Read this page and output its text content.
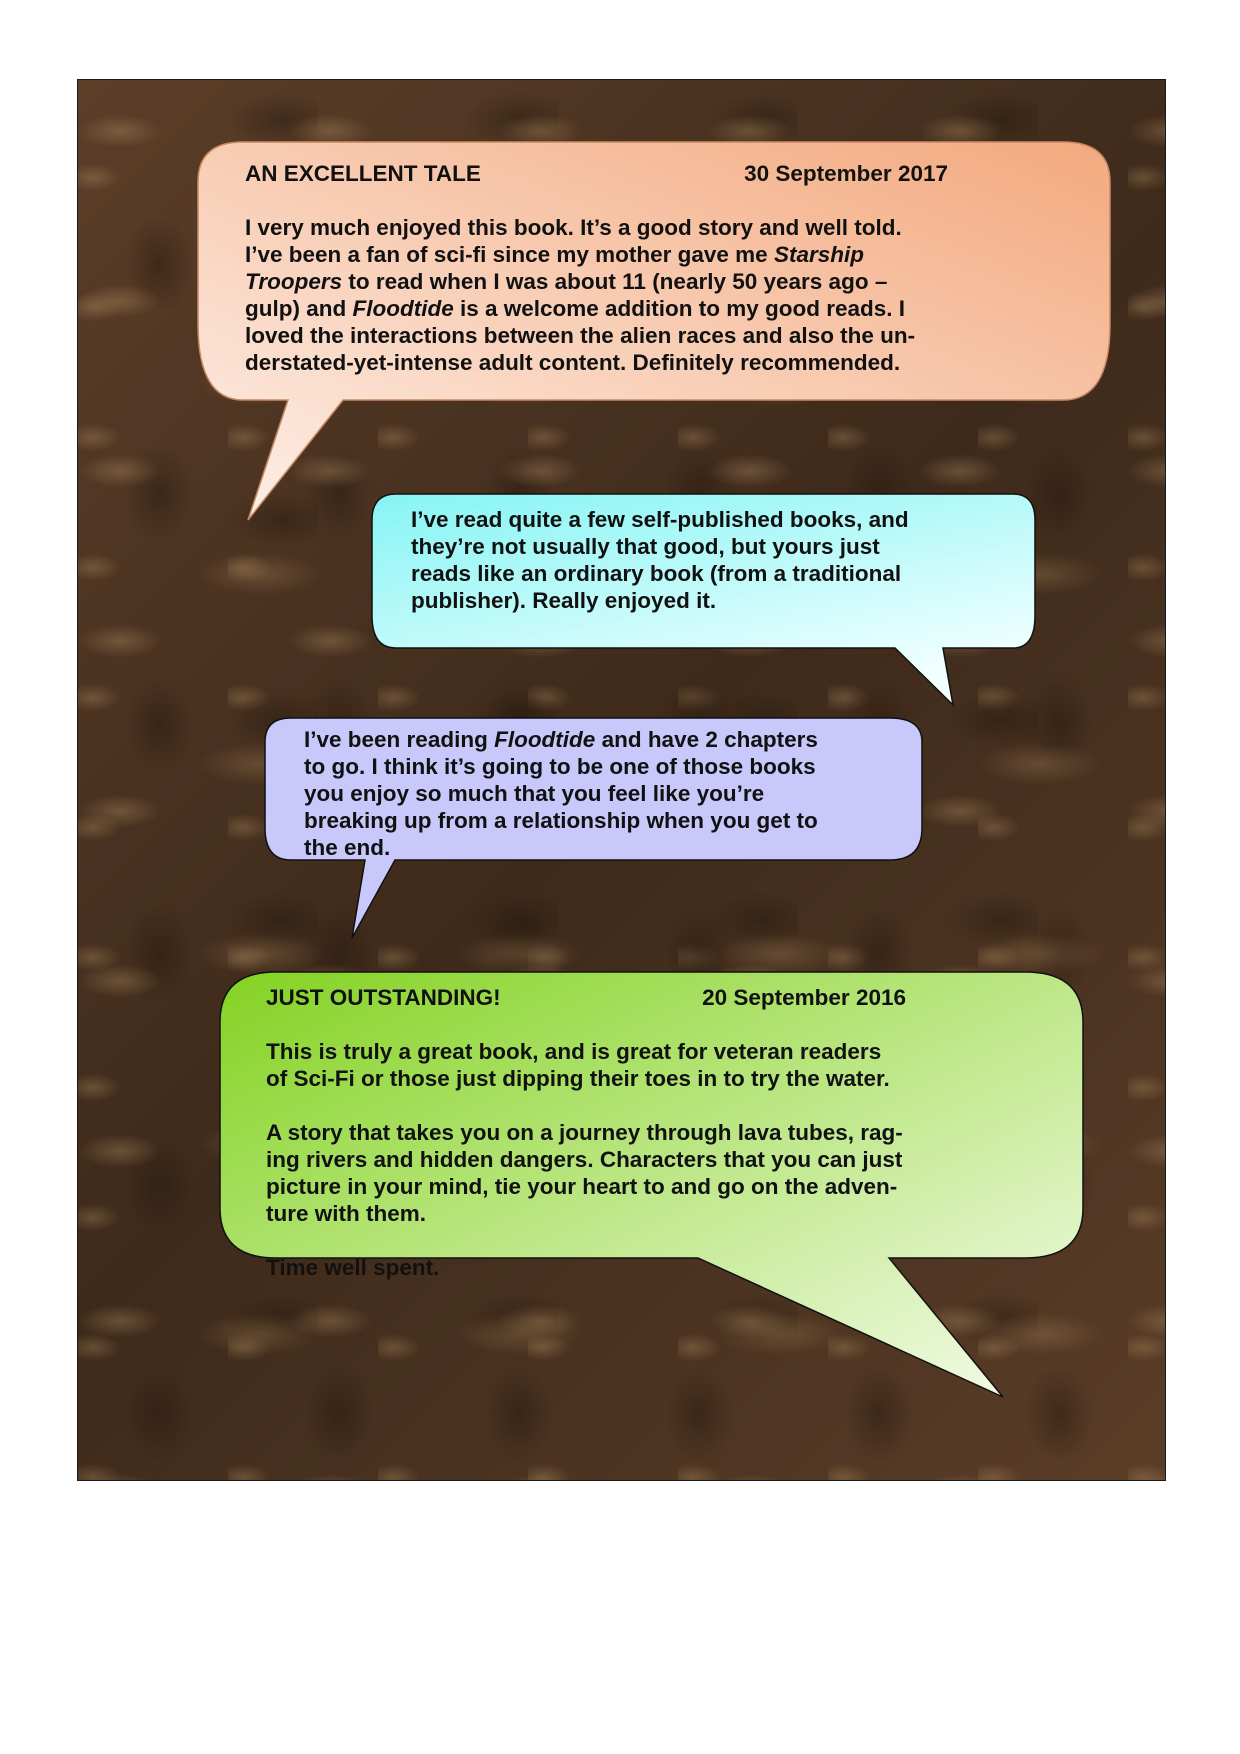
AN EXCELLENT TALE	30 September 2017
I very much enjoyed this book. It’s a good story and well told.
I’ve been a fan of sci-fi since my mother gave me Starship
Troopers to read when I was about 11 (nearly 50 years ago –
gulp) and Floodtide is a welcome addition to my good reads. I
loved the interactions between the alien races and also the un-
derstated-yet-intense adult content. Definitely recommended.
I’ve read quite a few self-published books, and
they’re not usually that good, but yours just
reads like an ordinary book (from a traditional
publisher). Really enjoyed it.
I’ve been reading Floodtide and have 2 chapters
to go. I think it’s going to be one of those books
you enjoy so much that you feel like you’re
breaking up from a relationship when you get to
the end.
JUST OUTSTANDING!	20 September 2016
This is truly a great book, and is great for veteran readers
of Sci-Fi or those just dipping their toes in to try the water.
A story that takes you on a journey through lava tubes, rag-
ing rivers and hidden dangers. Characters that you can just
picture in your mind, tie your heart to and go on the adven-
ture with them.
Time well spent.
